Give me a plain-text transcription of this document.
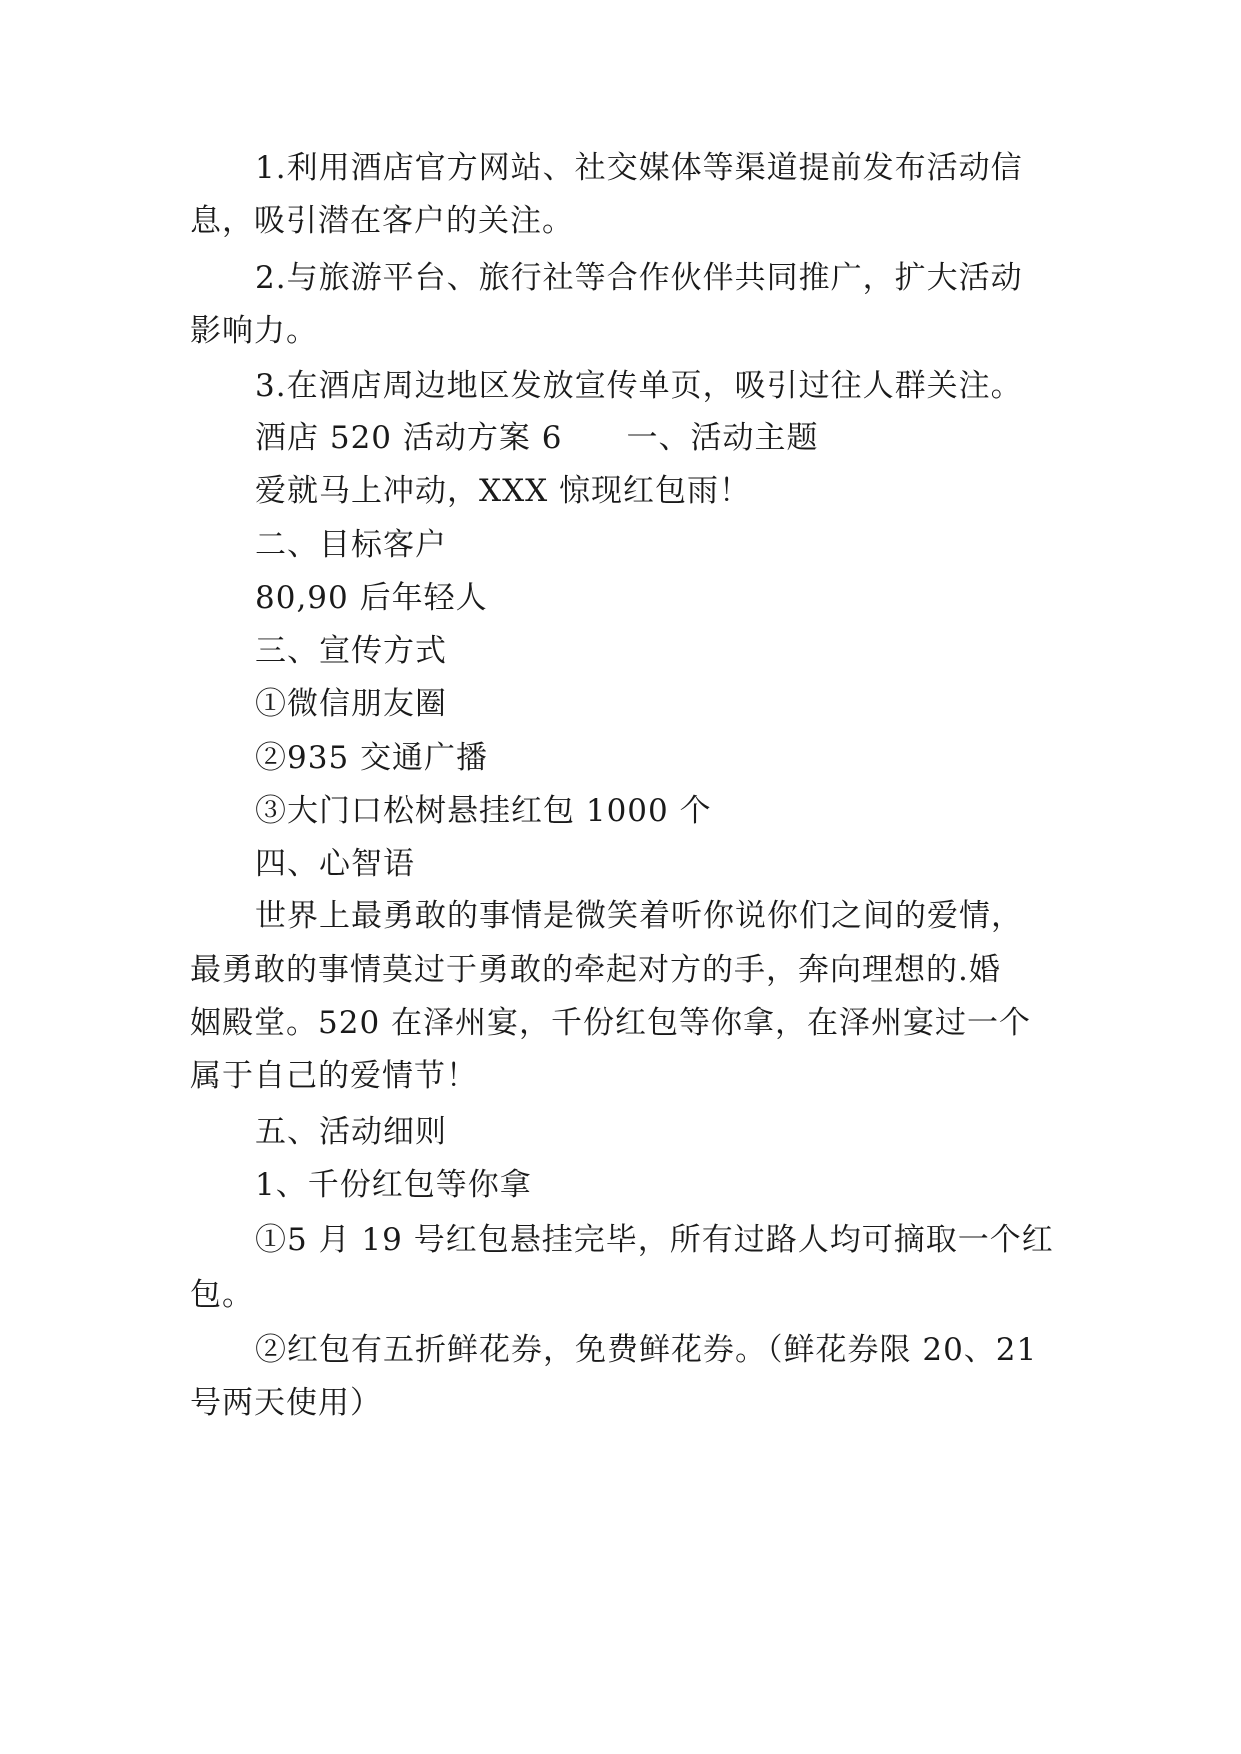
1.利用酒店官方网站、社交媒体等渠道提前发布活动信
息，吸引潜在客户的关注。
2.与旅游平台、旅行社等合作伙伴共同推广，扩大活动
影响力。
3.在酒店周边地区发放宣传单页，吸引过往人群关注。
酒店 520 活动方案 6　　一、活动主题
爱就马上冲动，XXX 惊现红包雨！
二、目标客户
80,90 后年轻人
三、宣传方式
①微信朋友圈
②935 交通广播
③大门口松树悬挂红包 1000 个
四、心智语
世界上最勇敢的事情是微笑着听你说你们之间的爱情，
最勇敢的事情莫过于勇敢的牵起对方的手，奔向理想的.婚
姻殿堂。520 在泽州宴，千份红包等你拿，在泽州宴过一个
属于自己的爱情节！
五、活动细则
1、千份红包等你拿
①5 月 19 号红包悬挂完毕，所有过路人均可摘取一个红
包。
②红包有五折鲜花券，免费鲜花券。（鲜花券限 20、21
号两天使用）
